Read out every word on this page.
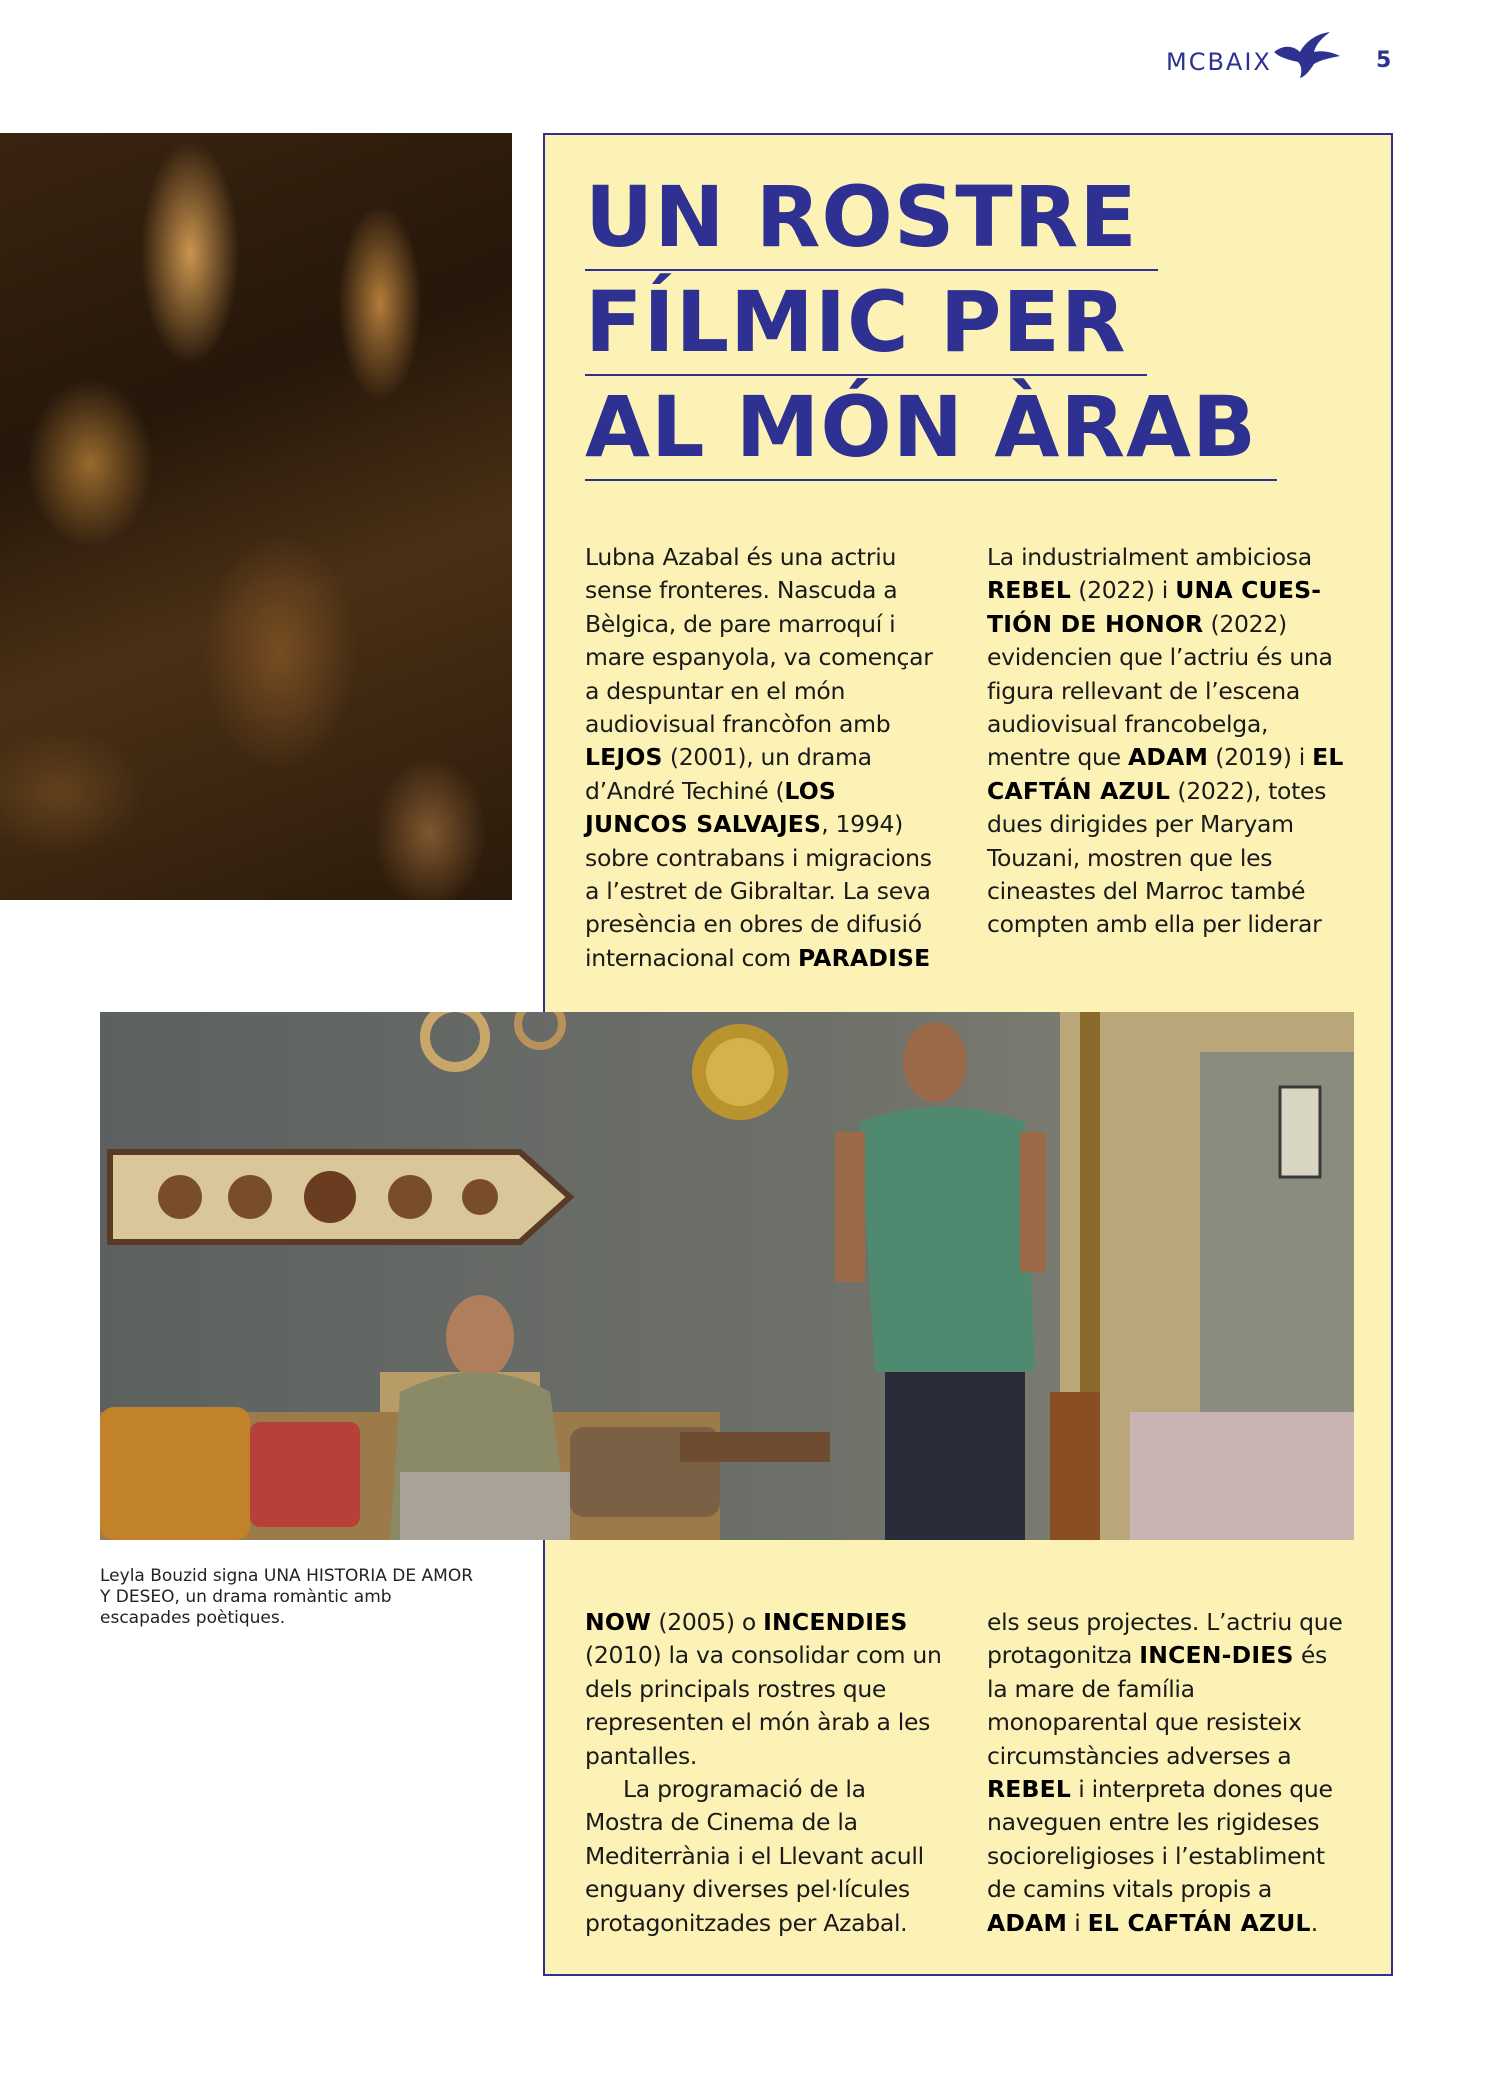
MCBAIX	5
UN ROSTRE
FÍLMIC PER
AL MÓN ÀRAB

Lubna Azabal és una actriu sense fronteres. Nascuda a Bèlgica, de pare marroquí i mare espanyola, va començar a despuntar en el món audiovisual francòfon amb LEJOS (2001), un drama d’André Techiné (LOS JUNCOS SALVAJES, 1994) sobre contrabans i migracions a l’estret de Gibraltar. La seva presència en obres de difusió internacional com PARADISE

La industrialment ambiciosa REBEL (2022) i UNA CUES-TIÓN DE HONOR (2022) evidencien que l’actriu és una figura rellevant de l’escena audiovisual francobelga, mentre que ADAM (2019) i EL CAFTÁN AZUL (2022), totes dues dirigides per Maryam Touzani, mostren que les cineastes del Marroc també compten amb ella per liderar

Leyla Bouzid signa UNA HISTORIA DE AMOR Y DESEO, un drama romàntic amb escapades poètiques.	NOW (2005) o INCENDIES (2010) la va consolidar com un dels principals rostres que representen el món àrab a les pantalles.

La programació de la Mostra de Cinema de la Mediterrània i el Llevant acull enguany diverses pel·lícules protagonitzades per Azabal.

els seus projectes. L’actriu que protagonitza INCEN-DIES és la mare de família monoparental que resisteix circumstàncies adverses a REBEL i interpreta dones que naveguen entre les rigideses socioreligioses i l’establiment de camins vitals propis a ADAM i EL CAFTÁN AZUL.
